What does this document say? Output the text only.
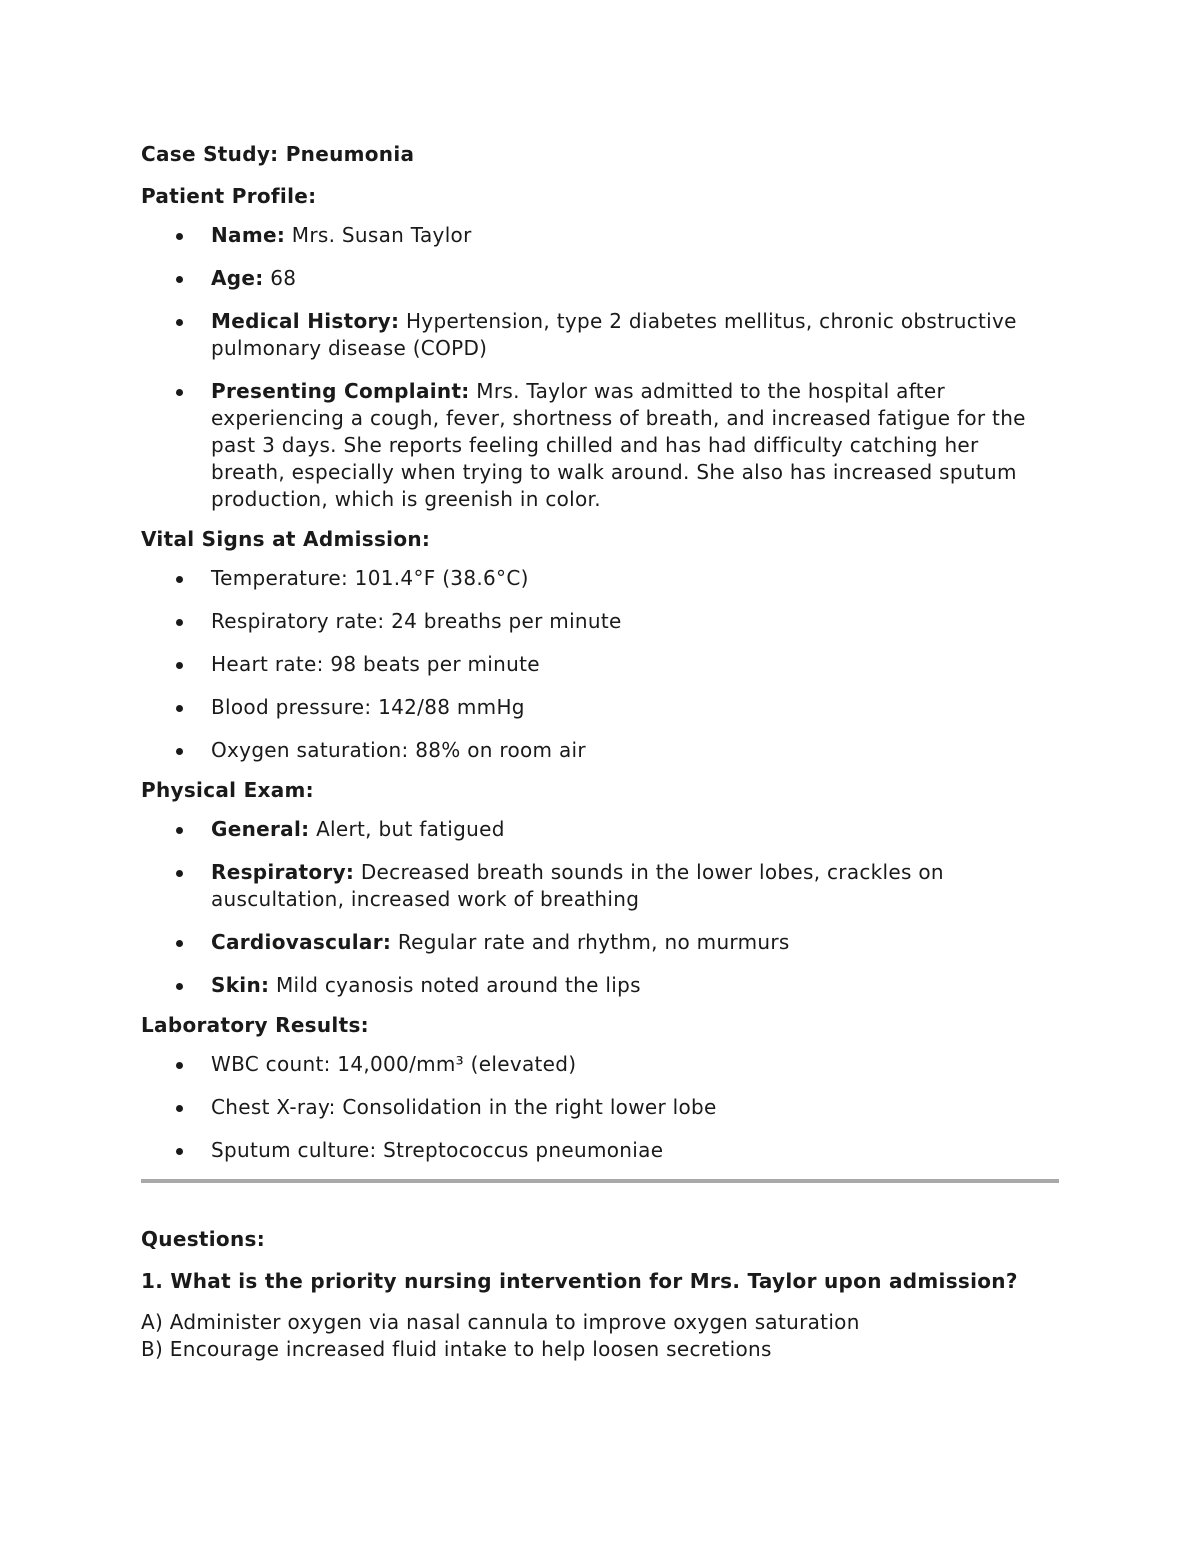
Case Study: Pneumonia

Patient Profile:

Name: Mrs. Susan Taylor
Age: 68
Medical History: Hypertension, type 2 diabetes mellitus, chronic obstructive pulmonary disease (COPD)
Presenting Complaint: Mrs. Taylor was admitted to the hospital after experiencing a cough, fever, shortness of breath, and increased fatigue for the past 3 days. She reports feeling chilled and has had difficulty catching her breath, especially when trying to walk around. She also has increased sputum production, which is greenish in color.

Vital Signs at Admission:

Temperature: 101.4°F (38.6°C)
Respiratory rate: 24 breaths per minute
Heart rate: 98 beats per minute
Blood pressure: 142/88 mmHg
Oxygen saturation: 88% on room air

Physical Exam:

General: Alert, but fatigued
Respiratory: Decreased breath sounds in the lower lobes, crackles on auscultation, increased work of breathing
Cardiovascular: Regular rate and rhythm, no murmurs
Skin: Mild cyanosis noted around the lips

Laboratory Results:

WBC count: 14,000/mm³ (elevated)
Chest X-ray: Consolidation in the right lower lobe
Sputum culture: Streptococcus pneumoniae

Questions:

1. What is the priority nursing intervention for Mrs. Taylor upon admission?

A) Administer oxygen via nasal cannula to improve oxygen saturation
B) Encourage increased fluid intake to help loosen secretions
